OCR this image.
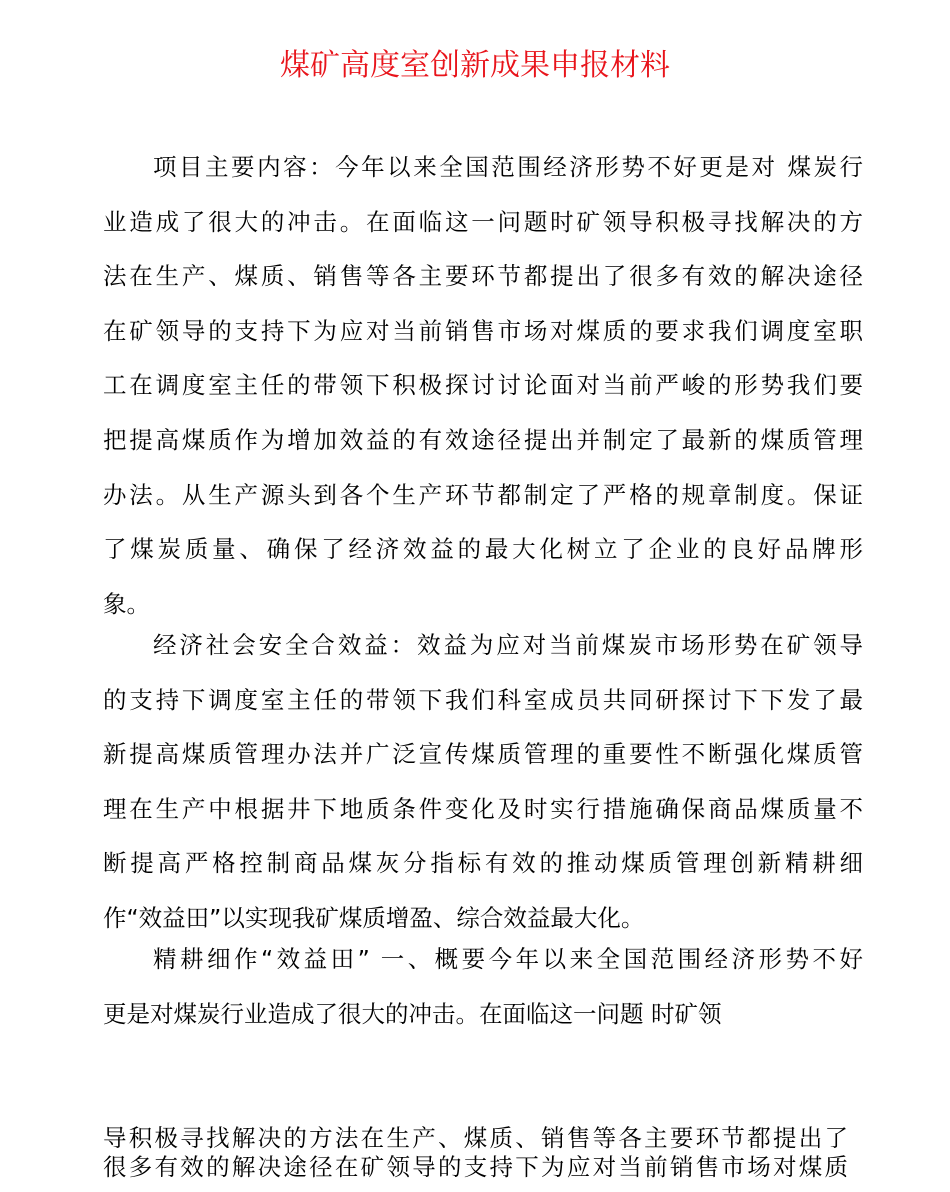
煤矿高度室创新成果申报材料
项目主要内容：今年以来全国范围经济形势不好更是对 煤炭行
业造成了很大的冲击。在面临这一问题时矿领导积极寻找解决的方
法在生产、煤质、销售等各主要环节都提出了很多有效的解决途径
在矿领导的支持下为应对当前销售市场对煤质的要求我们调度室职
工在调度室主任的带领下积极探讨讨论面对当前严峻的形势我们要
把提高煤质作为增加效益的有效途径提出并制定了最新的煤质管理
办法。从生产源头到各个生产环节都制定了严格的规章制度。保证
了煤炭质量、确保了经济效益的最大化树立了企业的良好品牌形
象。
经济社会安全合效益：效益为应对当前煤炭市场形势在矿领导
的支持下调度室主任的带领下我们科室成员共同研探讨下下发了最
新提高煤质管理办法并广泛宣传煤质管理的重要性不断强化煤质管
理在生产中根据井下地质条件变化及时实行措施确保商品煤质量不
断提高严格控制商品煤灰分指标有效的推动煤质管理创新精耕细
作“效益田”以实现我矿煤质增盈、综合效益最大化。
精耕细作“效益田” 一、概要今年以来全国范围经济形势不好
更是对煤炭行业造成了很大的冲击。在面临这一问题 时矿领
导积极寻找解决的方法在生产、煤质、销售等各主要环节都提出了
很多有效的解决途径在矿领导的支持下为应对当前销售市场对煤质
